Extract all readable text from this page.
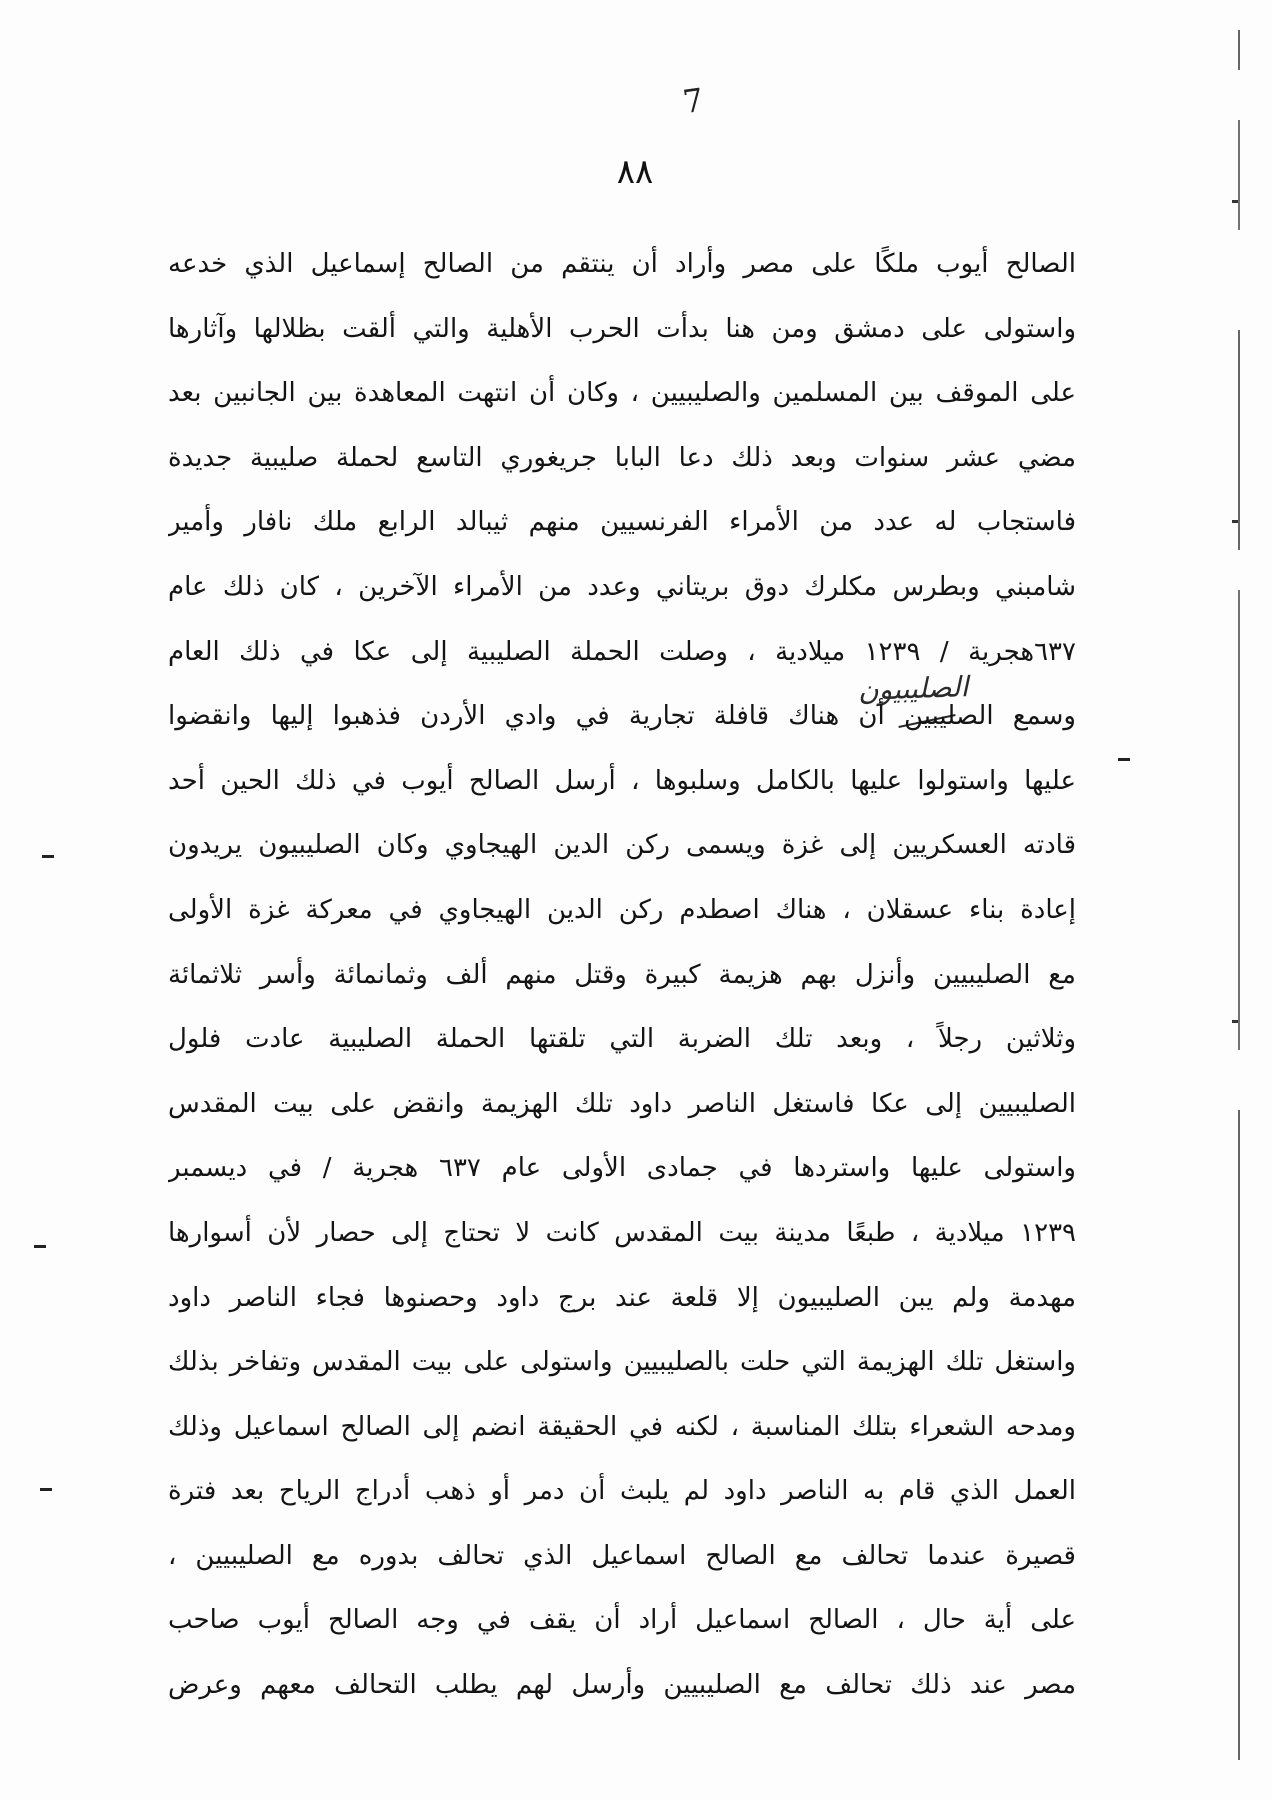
7
٨٨
الصليبيون
الصالح أيوب ملكًا على مصر وأراد أن ينتقم من الصالح إسماعيل الذي خدعه
واستولى على دمشق ومن هنا بدأت الحرب الأهلية والتي ألقت بظلالها وآثارها
على الموقف بين المسلمين والصليبيين ، وكان أن انتهت المعاهدة بين الجانبين بعد
مضي عشر سنوات وبعد ذلك دعا البابا جريغوري التاسع لحملة صليبية جديدة
فاستجاب له عدد من الأمراء الفرنسيين منهم ثيبالد الرابع ملك نافار وأمير
شامبني وبطرس مكلرك دوق بريتاني وعدد من الأمراء الآخرين ، كان ذلك عام
٦٣٧هجرية / ١٢٣٩ ميلادية ، وصلت الحملة الصليبية إلى عكا في ذلك العام
وسمع الصليبين أن هناك قافلة تجارية في وادي الأردن فذهبوا إليها وانقضوا
عليها واستولوا عليها بالكامل وسلبوها ، أرسل الصالح أيوب في ذلك الحين أحد
قادته العسكريين إلى غزة ويسمى ركن الدين الهيجاوي وكان الصليبيون يريدون
إعادة بناء عسقلان ، هناك اصطدم ركن الدين الهيجاوي في معركة غزة الأولى
مع الصليبيين وأنزل بهم هزيمة كبيرة وقتل منهم ألف وثمانمائة وأسر ثلاثمائة
وثلاثين رجلاً ، وبعد تلك الضربة التي تلقتها الحملة الصليبية عادت فلول
الصليبيين إلى عكا فاستغل الناصر داود تلك الهزيمة وانقض على بيت المقدس
واستولى عليها واستردها في جمادى الأولى عام ٦٣٧ هجرية / في ديسمبر
١٢٣٩ ميلادية ، طبعًا مدينة بيت المقدس كانت لا تحتاج إلى حصار لأن أسوارها
مهدمة ولم يبن الصليبيون إلا قلعة عند برج داود وحصنوها فجاء الناصر داود
واستغل تلك الهزيمة التي حلت بالصليبيين واستولى على بيت المقدس وتفاخر بذلك
ومدحه الشعراء بتلك المناسبة ، لكنه في الحقيقة انضم إلى الصالح اسماعيل وذلك
العمل الذي قام به الناصر داود لم يلبث أن دمر أو ذهب أدراج الرياح بعد فترة
قصيرة عندما تحالف مع الصالح اسماعيل الذي تحالف بدوره مع الصليبيين ،
على أية حال ، الصالح اسماعيل أراد أن يقف في وجه الصالح أيوب صاحب
مصر عند ذلك تحالف مع الصليبيين وأرسل لهم يطلب التحالف معهم وعرض
